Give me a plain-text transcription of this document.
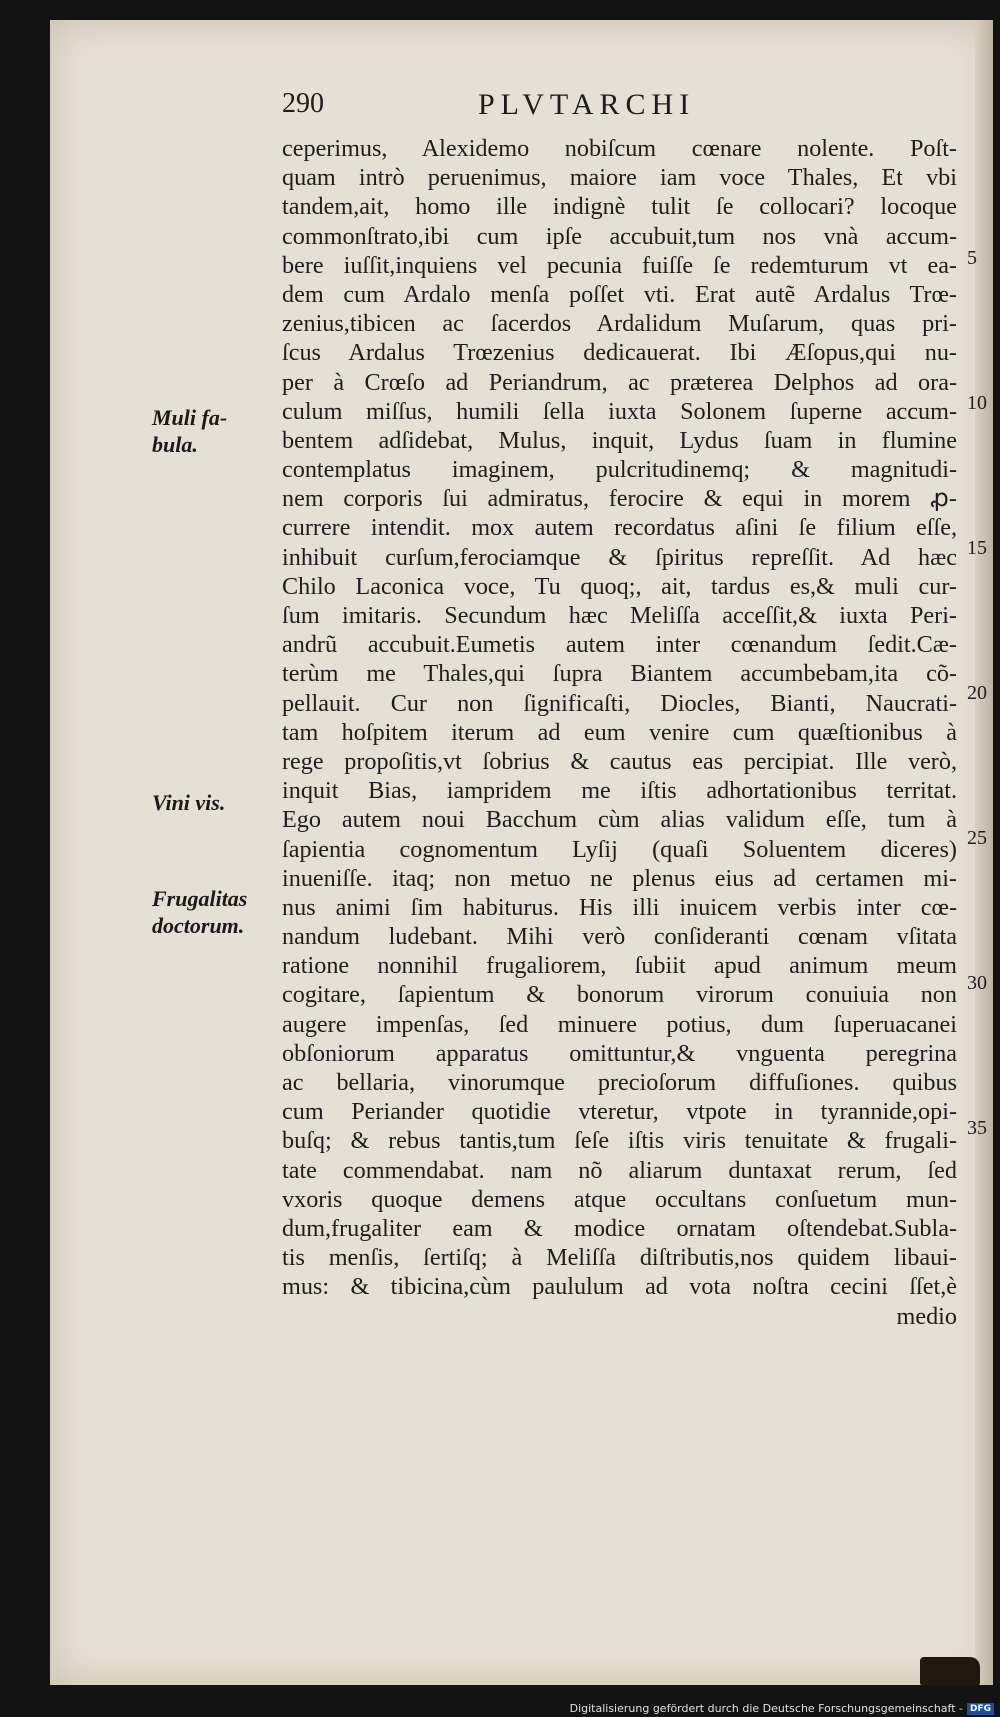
290	PLVTARCHI
ceperimus, Alexidemo nobiſcum cœnare nolente. Poſt-
quam intrò peruenimus, maiore iam voce Thales, Et vbi
tandem,ait, homo ille indignè tulit ſe collocari? locoque
commonſtrato,ibi cum ipſe accubuit,tum nos vnà accum-
bere iuſſit,inquiens vel pecunia fuiſſe ſe redemturum vt ea-
dem cum Ardalo menſa poſſet vti. Erat autẽ Ardalus Trœ-
zenius,tibicen ac ſacerdos Ardalidum Muſarum, quas pri-
ſcus Ardalus Trœzenius dedicauerat. Ibi Æſopus,qui nu-
per à Crœſo ad Periandrum, ac præterea Delphos ad ora-
culum miſſus, humili ſella iuxta Solonem ſuperne accum-
bentem adſidebat, Mulus, inquit, Lydus ſuam in flumine
contemplatus imaginem, pulcritudinemq; & magnitudi-
nem corporis ſui admiratus, ferocire & equi in morem ꝓ-
currere intendit. mox autem recordatus aſini ſe filium eſſe,
inhibuit curſum,ferociamque & ſpiritus repreſſit. Ad hæc
Chilo Laconica voce, Tu quoq;, ait, tardus es,& muli cur-
ſum imitaris. Secundum hæc Meliſſa acceſſit,& iuxta Peri-
andrũ accubuit.Eumetis autem inter cœnandum ſedit.Cæ-
terùm me Thales,qui ſupra Biantem accumbebam,ita cõ-
pellauit. Cur non ſignificaſti, Diocles, Bianti, Naucrati-
tam hoſpitem iterum ad eum venire cum quæſtionibus à
rege propoſitis,vt ſobrius & cautus eas percipiat. Ille verò,
inquit Bias, iampridem me iſtis adhortationibus territat.
Ego autem noui Bacchum cùm alias validum eſſe, tum à
ſapientia cognomentum Lyſij (quaſi Soluentem diceres)
inueniſſe. itaq; non metuo ne plenus eius ad certamen mi-
nus animi ſim habiturus. His illi inuicem verbis inter cœ-
nandum ludebant. Mihi verò conſideranti cœnam vſitata
ratione nonnihil frugaliorem, ſubiit apud animum meum
cogitare, ſapientum & bonorum virorum conuiuia non
augere impenſas, ſed minuere potius, dum ſuperuacanei
obſoniorum apparatus omittuntur,& vnguenta peregrina
ac bellaria, vinorumque precioſorum diffuſiones. quibus
cum Periander quotidie vteretur, vtpote in tyrannide,opi-
buſq; & rebus tantis,tum ſeſe iſtis viris tenuitate & frugali-
tate commendabat. nam nõ aliarum duntaxat rerum, ſed
vxoris quoque demens atque occultans conſuetum mun-
dum,frugaliter eam & modice ornatam oſtendebat.Subla-
tis menſis, ſertiſq; à Meliſſa diſtributis,nos quidem libaui-
mus: & tibicina,cùm paululum ad vota noſtra cecini ſſet,è
medio
Muli fa-
bula.
Vini vis.
Frugalitas
doctorum.
5
10
15
20
25
30
35
Digitalisierung gefördert durch die Deutsche Forschungsgemeinschaft - DFG
